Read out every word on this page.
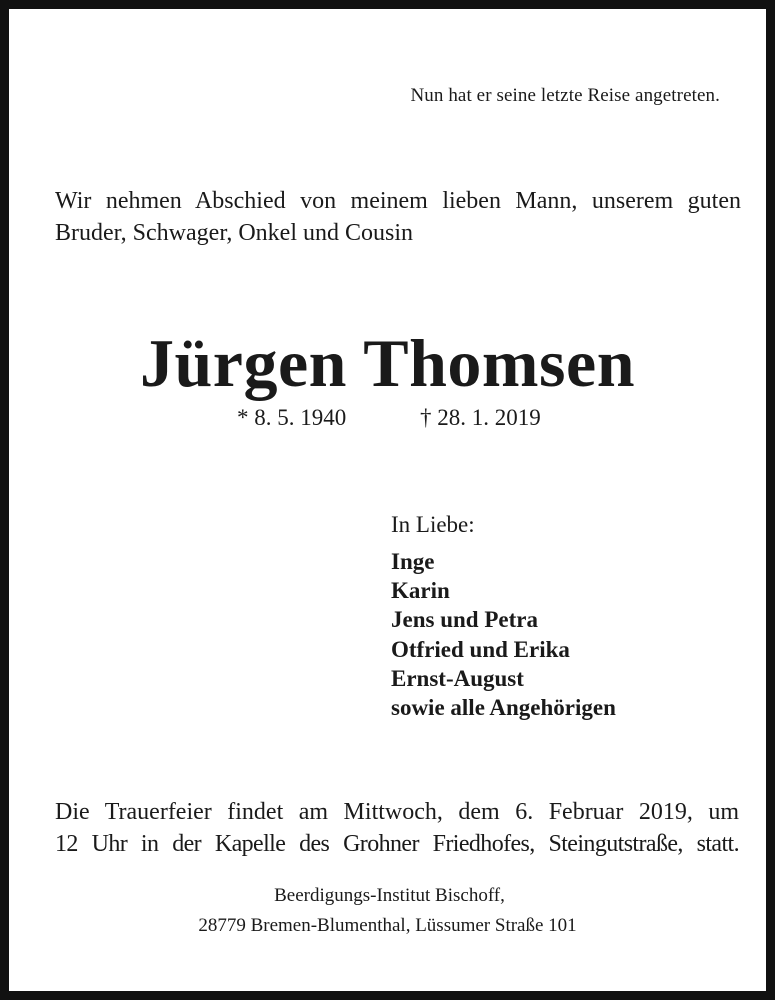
Nun hat er seine letzte Reise angetreten.
Wir nehmen Abschied von meinem lieben Mann, unserem guten Bruder, Schwager, Onkel und Cousin
Jürgen Thomsen
* 8. 5. 1940	† 28. 1. 2019
In Liebe:
Inge
Karin
Jens und Petra
Otfried und Erika
Ernst-August
sowie alle Angehörigen
Die Trauerfeier findet am Mittwoch, dem 6. Februar 2019, um
12 Uhr in der Kapelle des Grohner Friedhofes, Steingutstraße, statt.
Beerdigungs-Institut Bischoff,
28779 Bremen-Blumenthal, Lüssumer Straße 101
